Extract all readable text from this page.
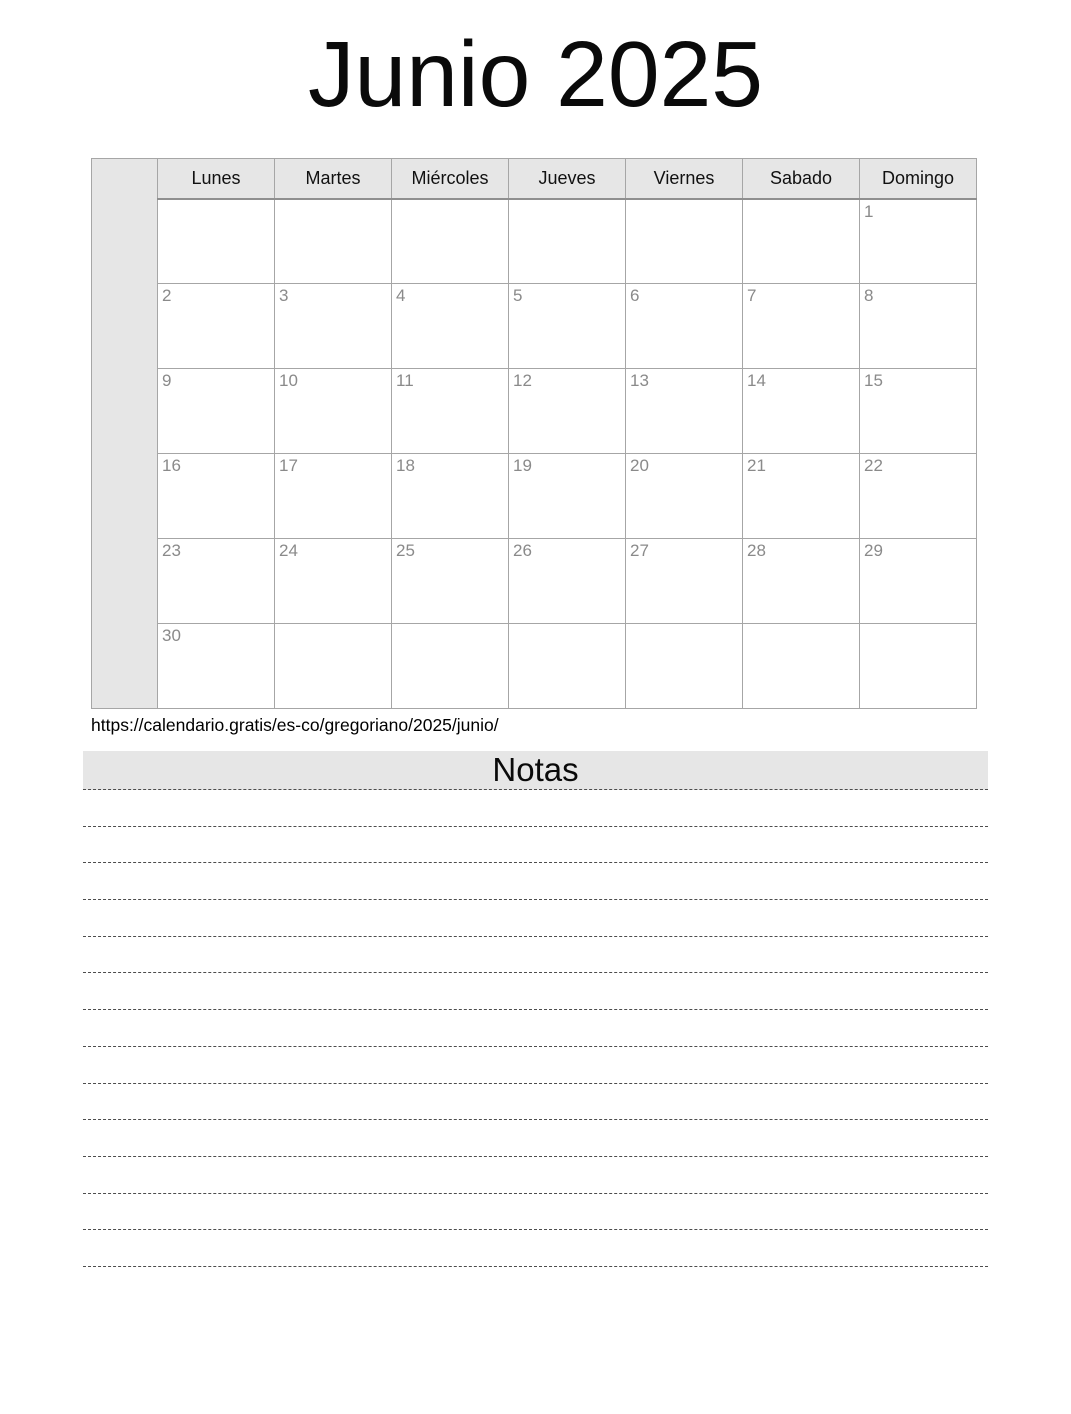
Junio 2025
	Lunes	Martes	Miércoles	Jueves	Viernes	Sabado	Domingo
							1
	2	3	4	5	6	7	8
	9	10	11	12	13	14	15
	16	17	18	19	20	21	22
	23	24	25	26	27	28	29
	30						
https://calendario.gratis/es-co/gregoriano/2025/junio/
Notas
